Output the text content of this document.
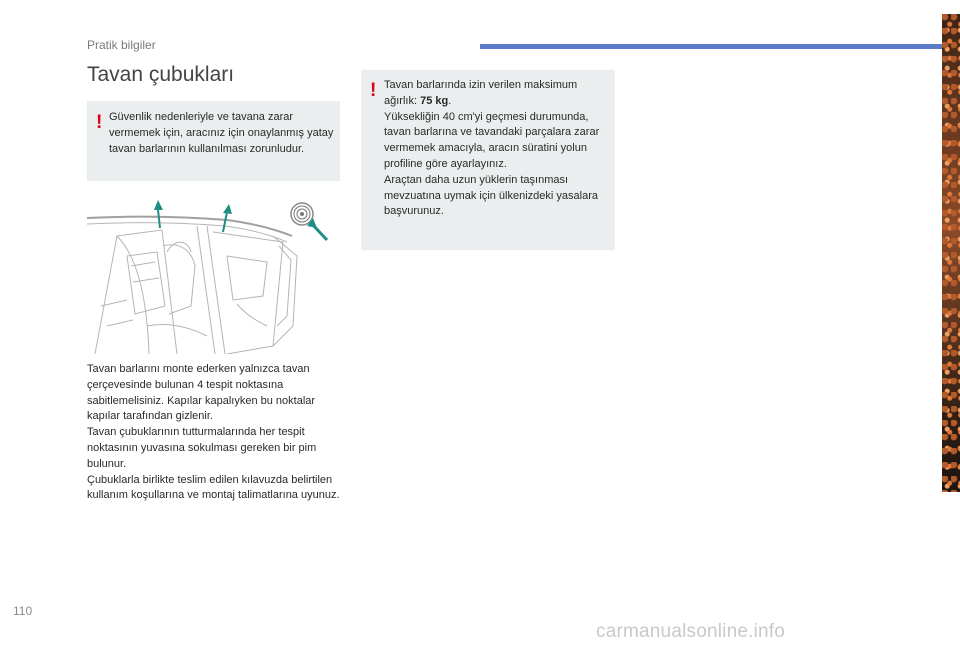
Pratik bilgiler
Tavan çubukları
! Güvenlik nedenleriyle ve tavana zarar vermemek için, aracınız için onaylanmış yatay tavan barlarının kullanılması zorunludur.

! Tavan barlarında izin verilen maksimum ağırlık: 75 kg.

Yüksekliğin 40 cm'yi geçmesi durumunda, tavan barlarına ve tavandaki parçalara zarar vermemek amacıyla, aracın süratini yolun profiline göre ayarlayınız.

Araçtan daha uzun yüklerin taşınması mevzuatına uymak için ülkenizdeki yasalara başvurunuz.

Tavan barlarını monte ederken yalnızca tavan çerçevesinde bulunan 4 tespit noktasına sabitlemelisiniz. Kapılar kapalıyken bu noktalar kapılar tarafından gizlenir.

Tavan çubuklarının tutturmalarında her tespit noktasının yuvasına sokulması gereken bir pim bulunur.

Çubuklarla birlikte teslim edilen kılavuzda belirtilen kullanım koşullarına ve montaj talimatlarına uyunuz.

110
carmanualsonline.info
